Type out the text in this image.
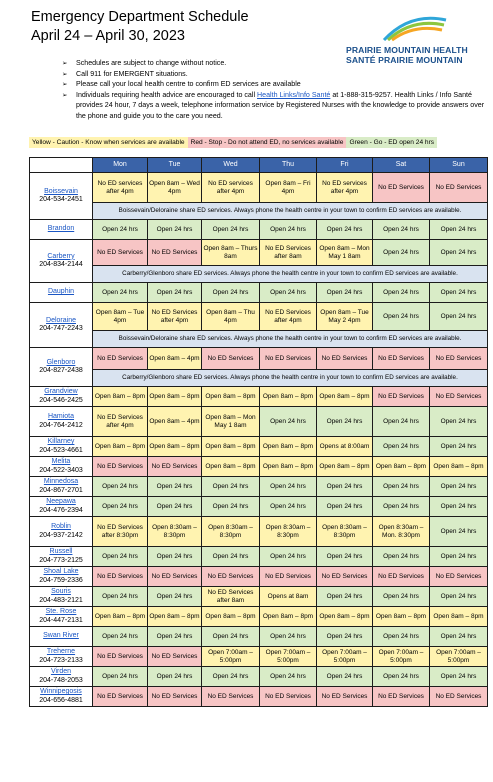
Emergency Department Schedule
April 24 – April 30, 2023
PRAIRIE MOUNTAIN HEALTH
SANTÉ PRAIRIE MOUNTAIN
➢ Schedules are subject to change without notice.
➢ Call 911 for EMERGENT situations.
➢ Please call your local health centre to confirm ED services are available
➢ Individuals requiring health advice are encouraged to call Health Links/Info Santé at 1-888-315-9257. Health Links / Info Santé provides 24 hour, 7 days a week, telephone information service by Registered Nurses with the knowledge to provide answers over the phone and guide you to the care you need.
Yellow - Caution - Know when services are available Red - Stop - Do not attend ED, no services available Green - Go - ED open 24 hrs
	Mon	Tue	Wed	Thu	Fri	Sat	Sun

Boissevain
204-534-2451	No ED services after 4pm	Open 8am – Wed 4pm	No ED services after 4pm	Open 8am – Fri 4pm	No ED services after 4pm	No ED Services	No ED Services
	Boissevain/Deloraine share ED services. Always phone the health centre in your town to confirm ED services are available.						

Brandon	Open 24 hrs	Open 24 hrs	Open 24 hrs	Open 24 hrs	Open 24 hrs	Open 24 hrs	Open 24 hrs

Carberry
204-834-2144	No ED Services	No ED Services	Open 8am – Thurs 8am	No ED Services after 8am	Open 8am – Mon May 1 8am	Open 24 hrs	Open 24 hrs
	Carberry/Glenboro share ED services. Always phone the health centre in your town to confirm ED services are available.						

Dauphin	Open 24 hrs	Open 24 hrs	Open 24 hrs	Open 24 hrs	Open 24 hrs	Open 24 hrs	Open 24 hrs

Deloraine
204-747-2243	Open 8am – Tue 4pm	No ED Services after 4pm	Open 8am – Thu 4pm	No ED Services after 4pm	Open 8am – Tue May 2 4pm	Open 24 hrs	Open 24 hrs
	Boissevain/Deloraine share ED services. Always phone the health centre in your town to confirm ED services are available.						

Glenboro
204-827-2438	No ED Services	Open 8am – 4pm	No ED Services	No ED Services	No ED Services	No ED Services	No ED Services
	Carberry/Glenboro share ED services. Always phone the health centre in your town to confirm ED services are available.						

Grandview
204-546-2425	Open 8am – 8pm	Open 8am – 8pm	Open 8am – 8pm	Open 8am – 8pm	Open 8am – 8pm	No ED Services	No ED Services

Hamiota
204-764-2412	No ED Services after 4pm	Open 8am – 4pm	Open 8am – Mon May 1 8am	Open 24 hrs	Open 24 hrs	Open 24 hrs	Open 24 hrs

Killarney
204-523-4661	Open 8am – 8pm	Open 8am – 8pm	Open 8am – 8pm	Open 8am – 8pm	Opens at 8:00am	Open 24 hrs	Open 24 hrs

Melita
204-522-3403	No ED Services	No ED Services	Open 8am – 8pm	Open 8am – 8pm	Open 8am – 8pm	Open 8am – 8pm	Open 8am – 8pm

Minnedosa
204-867-2701	Open 24 hrs	Open 24 hrs	Open 24 hrs	Open 24 hrs	Open 24 hrs	Open 24 hrs	Open 24 hrs

Neepawa
204-476-2394	Open 24 hrs	Open 24 hrs	Open 24 hrs	Open 24 hrs	Open 24 hrs	Open 24 hrs	Open 24 hrs

Roblin
204-937-2142	No ED Services after 8:30pm	Open 8:30am – 8:30pm	Open 8:30am – 8:30pm	Open 8:30am – 8:30pm	Open 8:30am – 8:30pm	Open 8:30am – Mon. 8:30pm	Open 24 hrs

Russell
204-773-2125	Open 24 hrs	Open 24 hrs	Open 24 hrs	Open 24 hrs	Open 24 hrs	Open 24 hrs	Open 24 hrs

Shoal Lake
204-759-2336	No ED Services	No ED Services	No ED Services	No ED Services	No ED Services	No ED Services	No ED Services

Souris
204-483-2121	Open 24 hrs	Open 24 hrs	No ED Services after 8am	Opens at 8am	Open 24 hrs	Open 24 hrs	Open 24 hrs

Ste. Rose
204-447-2131	Open 8am – 8pm	Open 8am – 8pm	Open 8am – 8pm	Open 8am – 8pm	Open 8am – 8pm	Open 8am – 8pm	Open 8am – 8pm

Swan River	Open 24 hrs	Open 24 hrs	Open 24 hrs	Open 24 hrs	Open 24 hrs	Open 24 hrs	Open 24 hrs

Treherne
204-723-2133	No ED Services	No ED Services	Open 7:00am – 5:00pm	Open 7:00am – 5:00pm	Open 7:00am – 5:00pm	Open 7:00am – 5:00pm	Open 7:00am – 5:00pm

Virden
204-748-2053	Open 24 hrs	Open 24 hrs	Open 24 hrs	Open 24 hrs	Open 24 hrs	Open 24 hrs	Open 24 hrs

Winnipegosis
204-656-4881	No ED Services	No ED Services	No ED Services	No ED Services	No ED Services	No ED Services	No ED Services
